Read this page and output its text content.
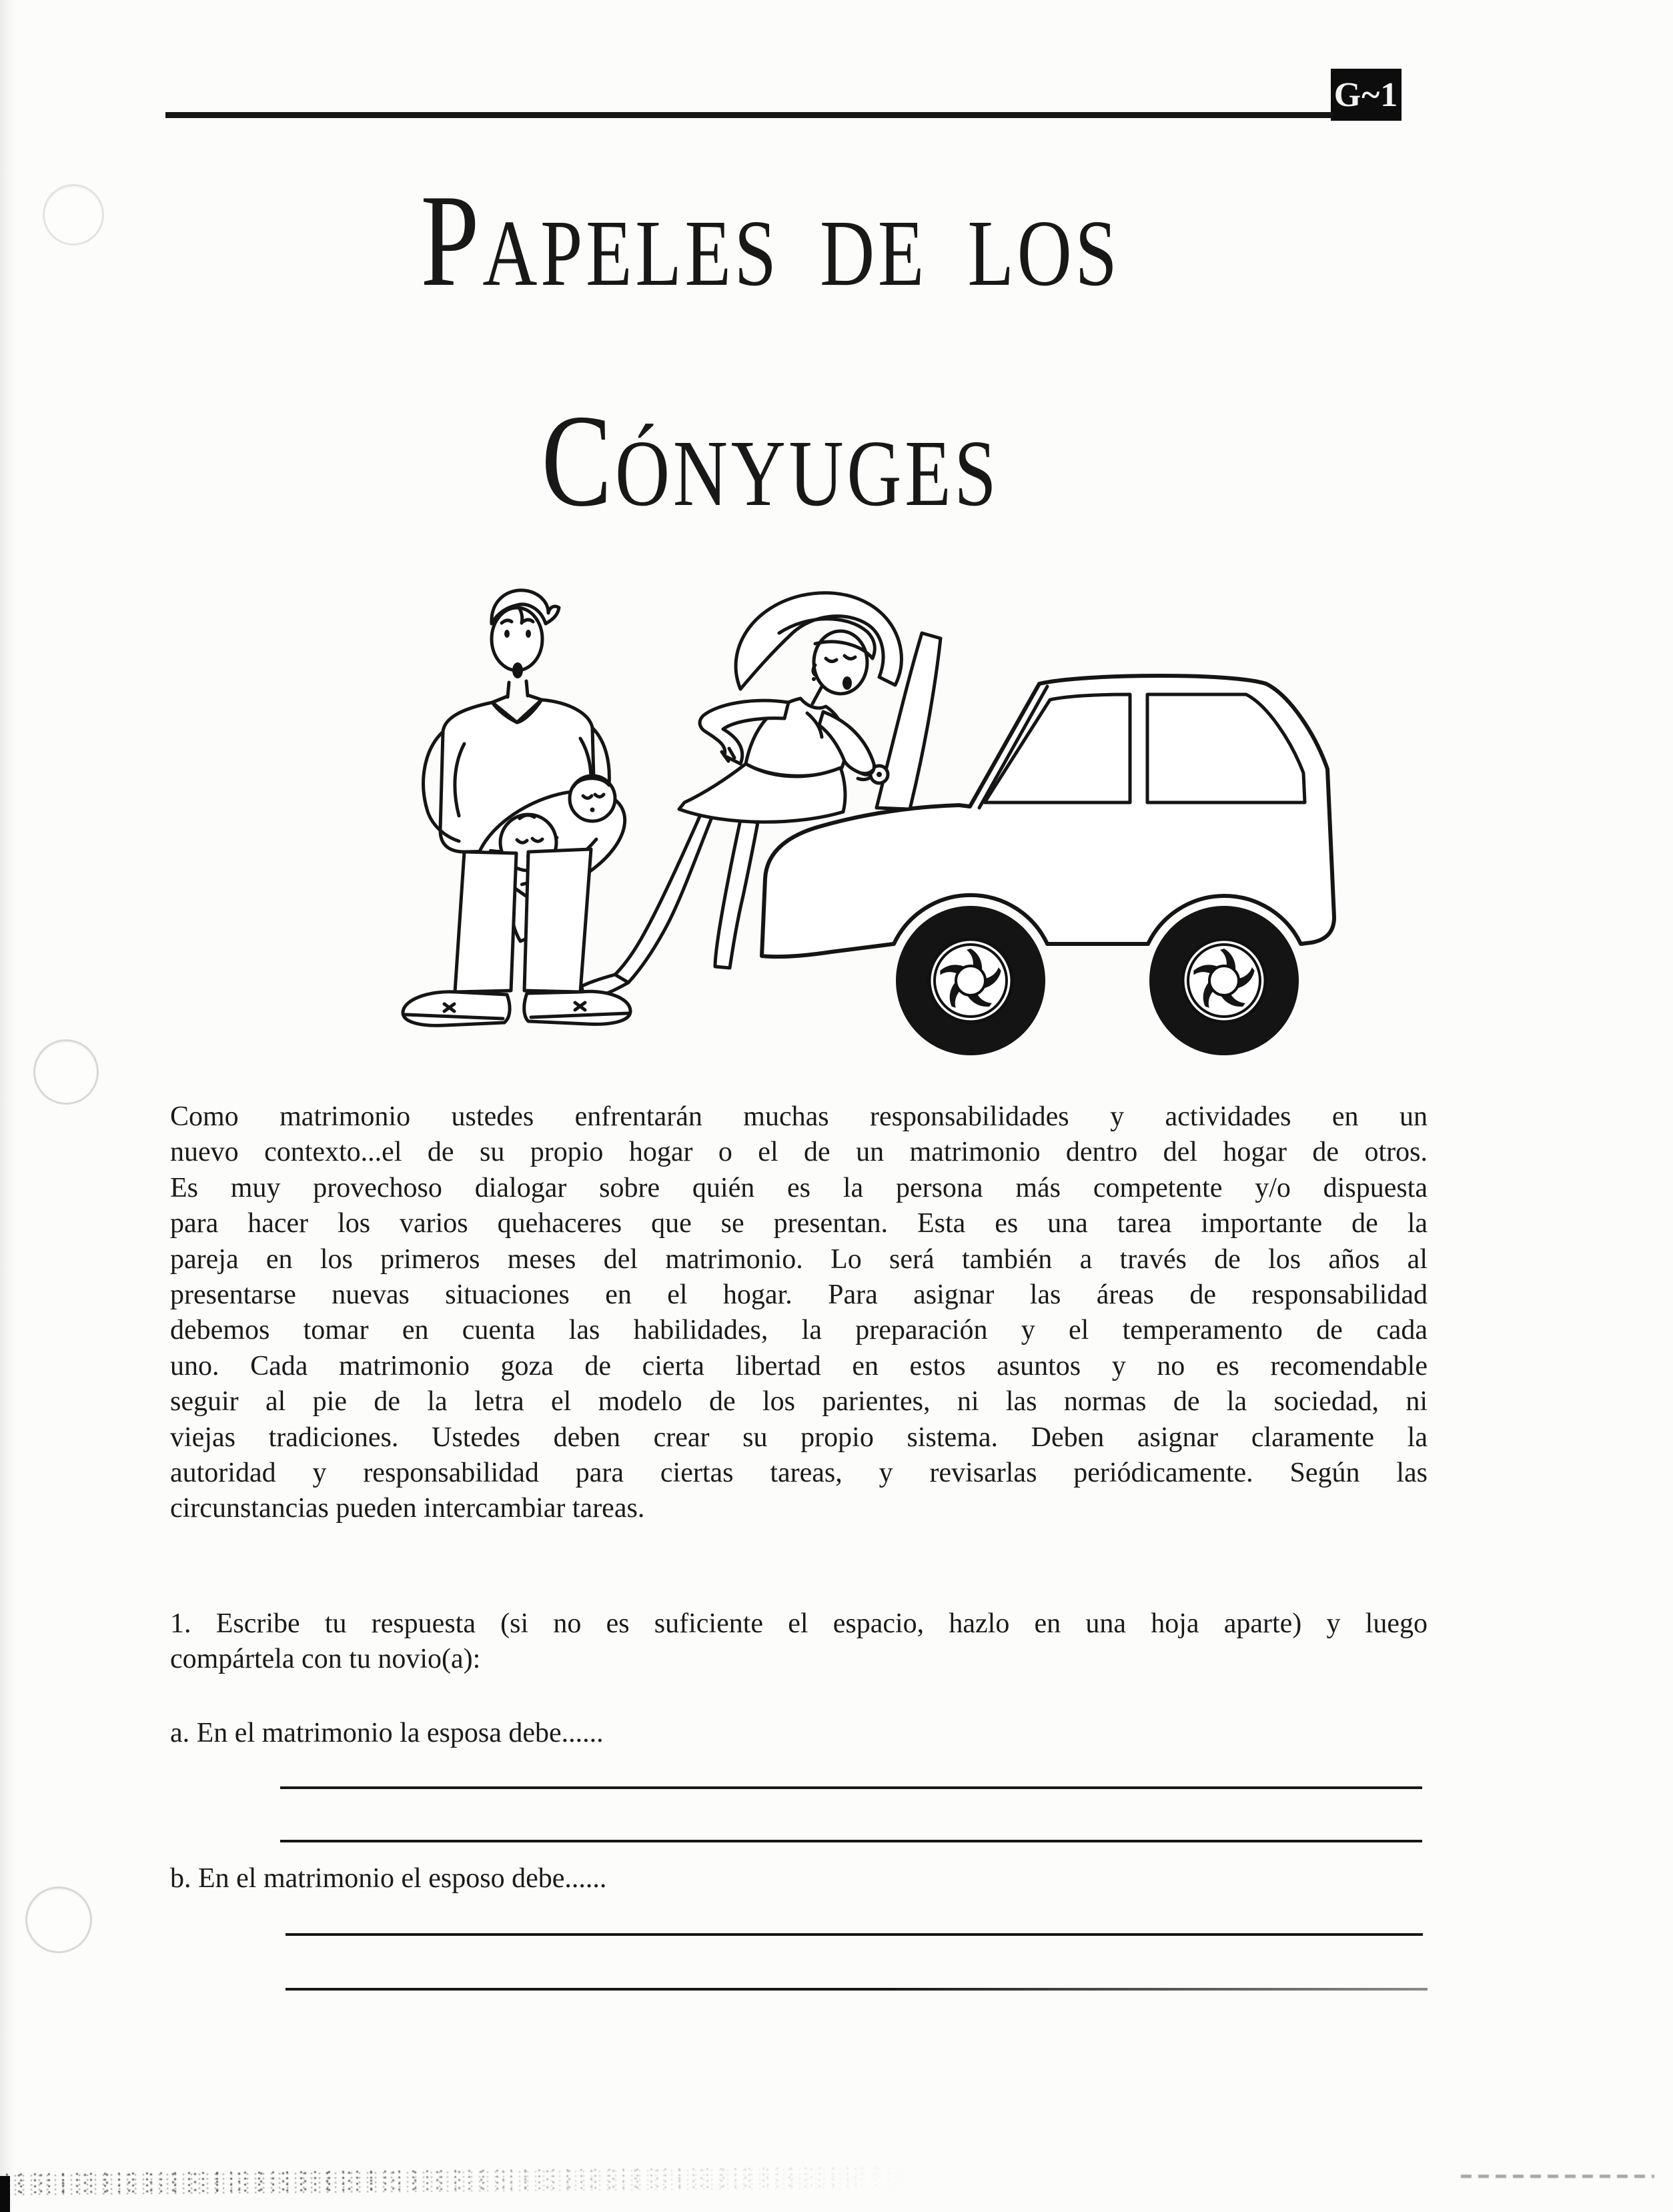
G~1
PAPELES DE LOS
CÓNYUGES
Como matrimonio ustedes enfrentarán muchas responsabilidades y actividades en un
nuevo contexto...el de su propio hogar o el de un matrimonio dentro del hogar de otros.
Es muy provechoso dialogar sobre quién es la persona más competente y/o dispuesta
para hacer los varios quehaceres que se presentan. Esta es una tarea importante de la
pareja en los primeros meses del matrimonio. Lo será también a través de los años al
presentarse nuevas situaciones en el hogar. Para asignar las áreas de responsabilidad
debemos tomar en cuenta las habilidades, la preparación y el temperamento de cada
uno. Cada matrimonio goza de cierta libertad en estos asuntos y no es recomendable
seguir al pie de la letra el modelo de los parientes, ni las normas de la sociedad, ni
viejas tradiciones. Ustedes deben crear su propio sistema. Deben asignar claramente la
autoridad y responsabilidad para ciertas tareas, y revisarlas periódicamente. Según las
circunstancias pueden intercambiar tareas.
1. Escribe tu respuesta (si no es suficiente el espacio, hazlo en una hoja aparte) y luego
compártela con tu novio(a):
a. En el matrimonio la esposa debe......
b. En el matrimonio el esposo debe......
